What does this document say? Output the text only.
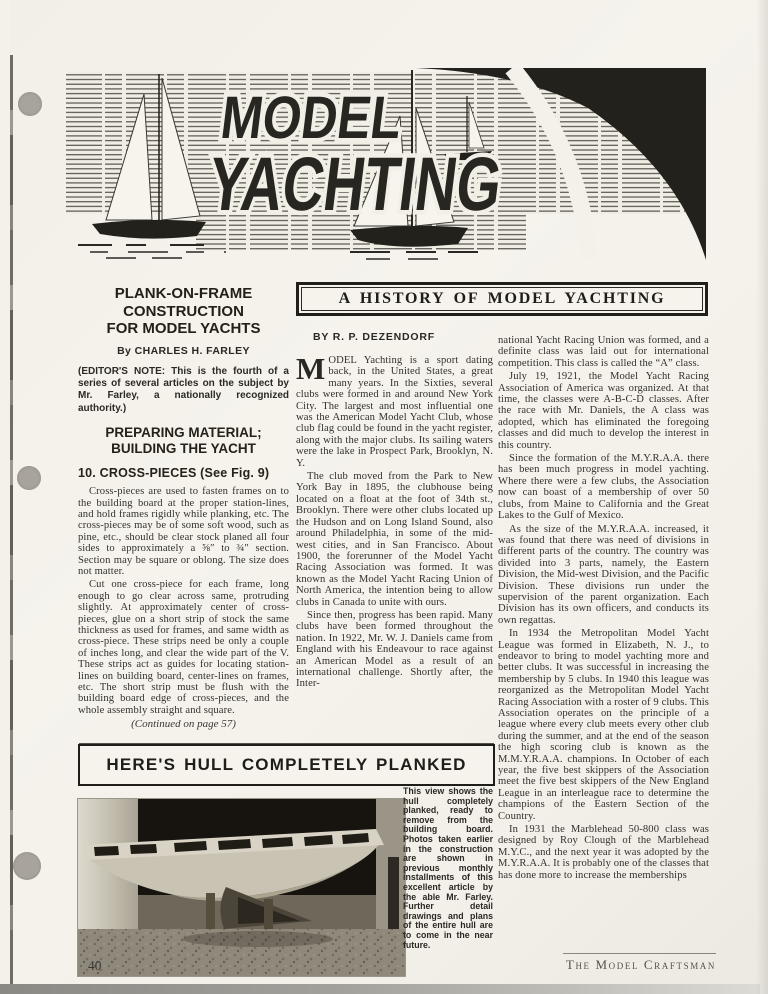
MODEL
YACHTING
PLANK-ON-FRAME
CONSTRUCTION
FOR MODEL YACHTS
By CHARLES H. FARLEY
(EDITOR'S NOTE: This is the fourth of a series of several articles on the subject by Mr. Farley, a nationally recognized authority.)
PREPARING MATERIAL;
BUILDING THE YACHT
10. CROSS-PIECES (See Fig. 9)

Cross-pieces are used to fasten frames on to the building board at the proper station-lines, and hold frames rigidly while planking, etc. The cross-pieces may be of some soft wood, such as pine, etc., should be clear stock planed all four sides to approximately a ⅝″ to ¾″ section. Section may be square or oblong. The size does not matter.

Cut one cross-piece for each frame, long enough to go clear across same, protruding slightly. At approximately center of cross-pieces, glue on a short strip of stock the same thickness as used for frames, and same width as cross-piece. These strips need be only a couple of inches long, and clear the wide part of the V. These strips act as guides for locating station-lines on building board, center-lines on frames, etc. The short strip must be flush with the building board edge of cross-pieces, and the whole assembly straight and square.

(Continued on page 57)
A HISTORY OF MODEL YACHTING
BY R. P. DEZENDORF

MODEL Yachting is a sport dating back, in the United States, a great many years. In the Sixties, several clubs were formed in and around New York City. The largest and most influential one was the American Model Yacht Club, whose club flag could be found in the yacht register, along with the major clubs. Its sailing waters were the lake in Prospect Park, Brooklyn, N. Y.

The club moved from the Park to New York Bay in 1895, the clubhouse being located on a float at the foot of 34th st., Brooklyn. There were other clubs located up the Hudson and on Long Island Sound, also around Philadelphia, in some of the mid-west cities, and in San Francisco. About 1900, the forerunner of the Model Yacht Racing Association was formed. It was known as the Model Yacht Racing Union of North America, the intention being to allow clubs in Canada to unite with ours.

Since then, progress has been rapid. Many clubs have been formed throughout the nation. In 1922, Mr. W. J. Daniels came from England with his Endeavour to race against an American Model as a result of an international challenge. Shortly after, the Inter-

national Yacht Racing Union was formed, and a definite class was laid out for international competition. This class is called the “A” class.

July 19, 1921, the Model Yacht Racing Association of America was organized. At that time, the classes were A-B-C-D classes. After the race with Mr. Daniels, the A class was adopted, which has eliminated the foregoing classes and did much to develop the interest in this country.

Since the formation of the M.Y.R.A.A. there has been much progress in model yachting. Where there were a few clubs, the Association now can boast of a membership of over 50 clubs, from Maine to California and the Great Lakes to the Gulf of Mexico.

As the size of the M.Y.R.A.A. increased, it was found that there was need of divisions in different parts of the country. The country was divided into 3 parts, namely, the Eastern Division, the Mid-west Division, and the Pacific Division. These divisions run under the supervision of the parent organization. Each Division has its own officers, and conducts its own regattas.

In 1934 the Metropolitan Model Yacht League was formed in Elizabeth, N. J., to endeavor to bring to model yachting more and better clubs. It was successful in increasing the membership by 5 clubs. In 1940 this league was reorganized as the Metropolitan Model Yacht Racing Association with a roster of 9 clubs. This Association operates on the principle of a league where every club meets every other club during the summer, and at the end of the season the high scoring club is known as the M.M.Y.R.A.A. champions. In October of each year, the five best skippers of the Association meet the five best skippers of the New England League in an interleague race to determine the champions of the Eastern Section of the Country.

In 1931 the Marblehead 50-800 class was designed by Roy Clough of the Marblehead M.Y.C., and the next year it was adopted by the M.Y.R.A.A. It is probably one of the classes that has done more to increase the memberships

HERE'S HULL COMPLETELY PLANKED
This view shows the hull completely planked, ready to remove from the building board. Photos taken earlier in the construction are shown in previous monthly installments of this excellent article by the able Mr. Farley. Further detail drawings and plans of the entire hull are to come in the near future.
40	The Model Craftsman
